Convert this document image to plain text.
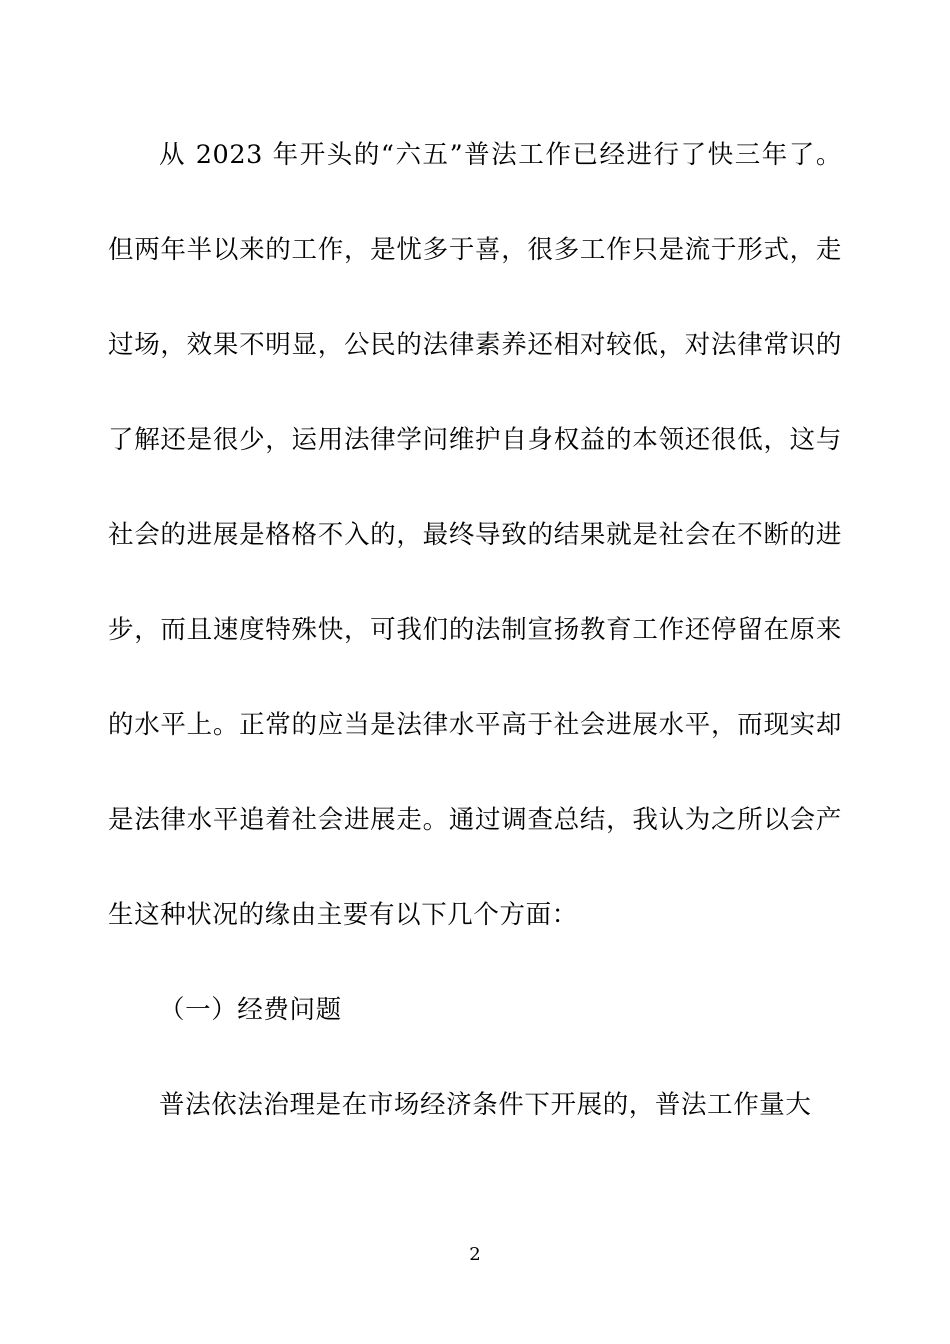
从 2023 年开头的“六五”普法工作已经进行了快三年了。但两年半以来的工作，是忧多于喜，很多工作只是流于形式，走过场，效果不明显，公民的法律素养还相对较低，对法律常识的了解还是很少，运用法律学问维护自身权益的本领还很低，这与社会的进展是格格不入的，最终导致的结果就是社会在不断的进步，而且速度特殊快，可我们的法制宣扬教育工作还停留在原来的水平上。正常的应当是法律水平高于社会进展水平，而现实却是法律水平追着社会进展走。通过调查总结，我认为之所以会产生这种状况的缘由主要有以下几个方面：

（一）经费问题

普法依法治理是在市场经济条件下开展的，普法工作量大

2
